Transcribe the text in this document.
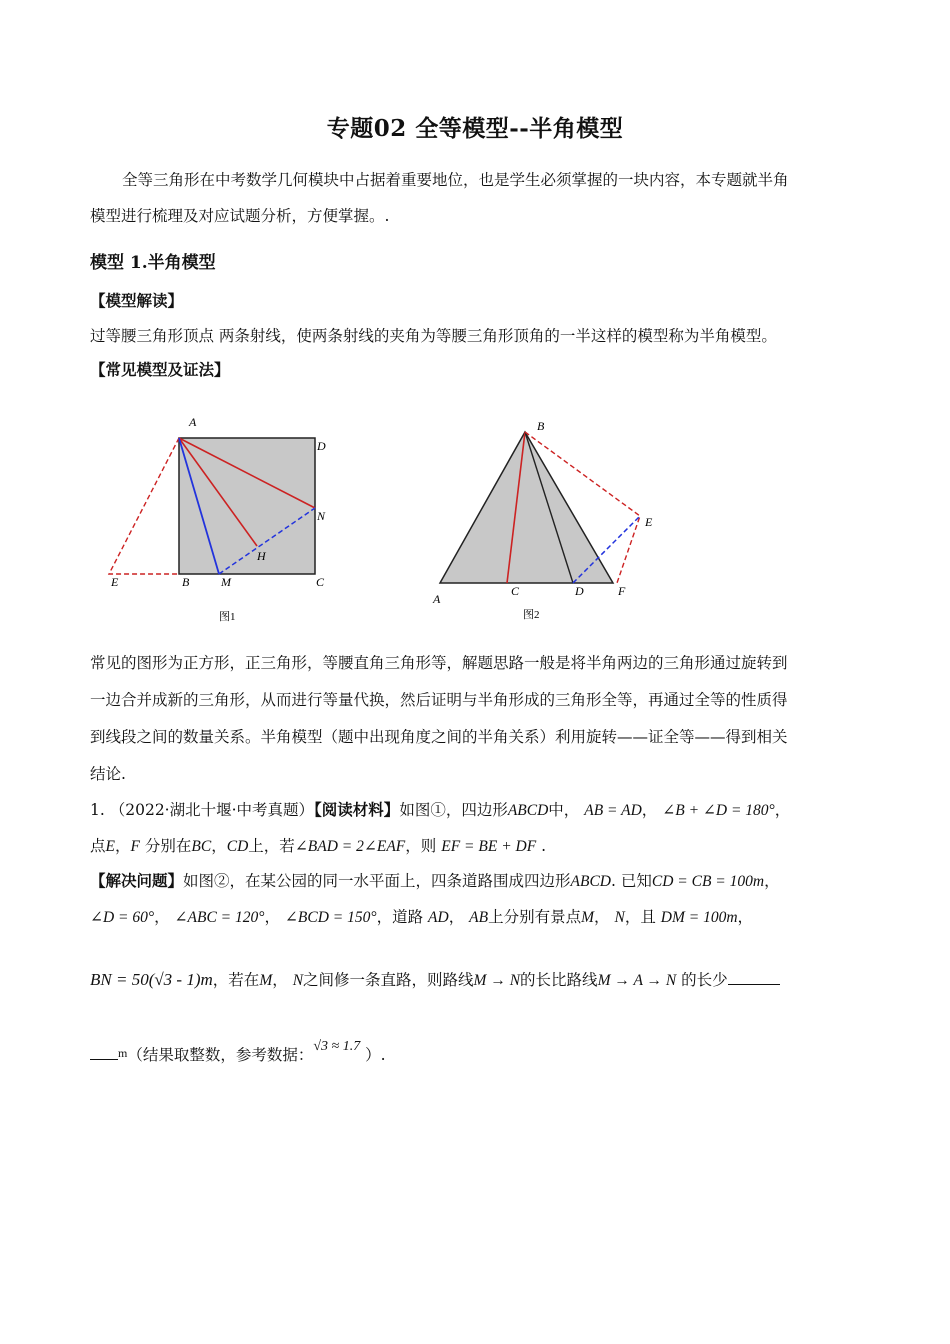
专题02 全等模型--半角模型
全等三角形在中考数学几何模块中占据着重要地位，也是学生必须掌握的一块内容，本专题就半角
模型进行梳理及对应试题分析，方便掌握。.
模型 1.半角模型
【模型解读】
过等腰三角形顶点 两条射线，使两条射线的夹角为等腰三角形顶角的一半这样的模型称为半角模型。
【常见模型及证法】
A
D
N
H
E	B	M	C
图1
B
E
A
C	D	F
图2
常见的图形为正方形，正三角形，等腰直角三角形等，解题思路一般是将半角两边的三角形通过旋转到
一边合并成新的三角形，从而进行等量代换，然后证明与半角形成的三角形全等，再通过全等的性质得
到线段之间的数量关系。半角模型（题中出现角度之间的半角关系）利用旋转——证全等——得到相关
结论.
1. （2022·湖北十堰·中考真题）【阅读材料】如图①，四边形ABCD中， AB = AD， ∠B + ∠D = 180°，
点E，F 分别在BC，CD上，若∠BAD = 2∠EAF，则 EF = BE + DF .
【解决问题】如图②，在某公园的同一水平面上，四条道路围成四边形ABCD. 已知CD = CB = 100m，
∠D = 60°， ∠ABC = 120°， ∠BCD = 150°，道路 AD， AB上分别有景点M， N，且 DM = 100m，
BN = 50(√3 - 1)m，若在M， N之间修一条直路，则路线M → N的长比路线M → A → N 的长少
$^m$（结果取整数，参考数据：√3 ≈ 1.7 ）.
